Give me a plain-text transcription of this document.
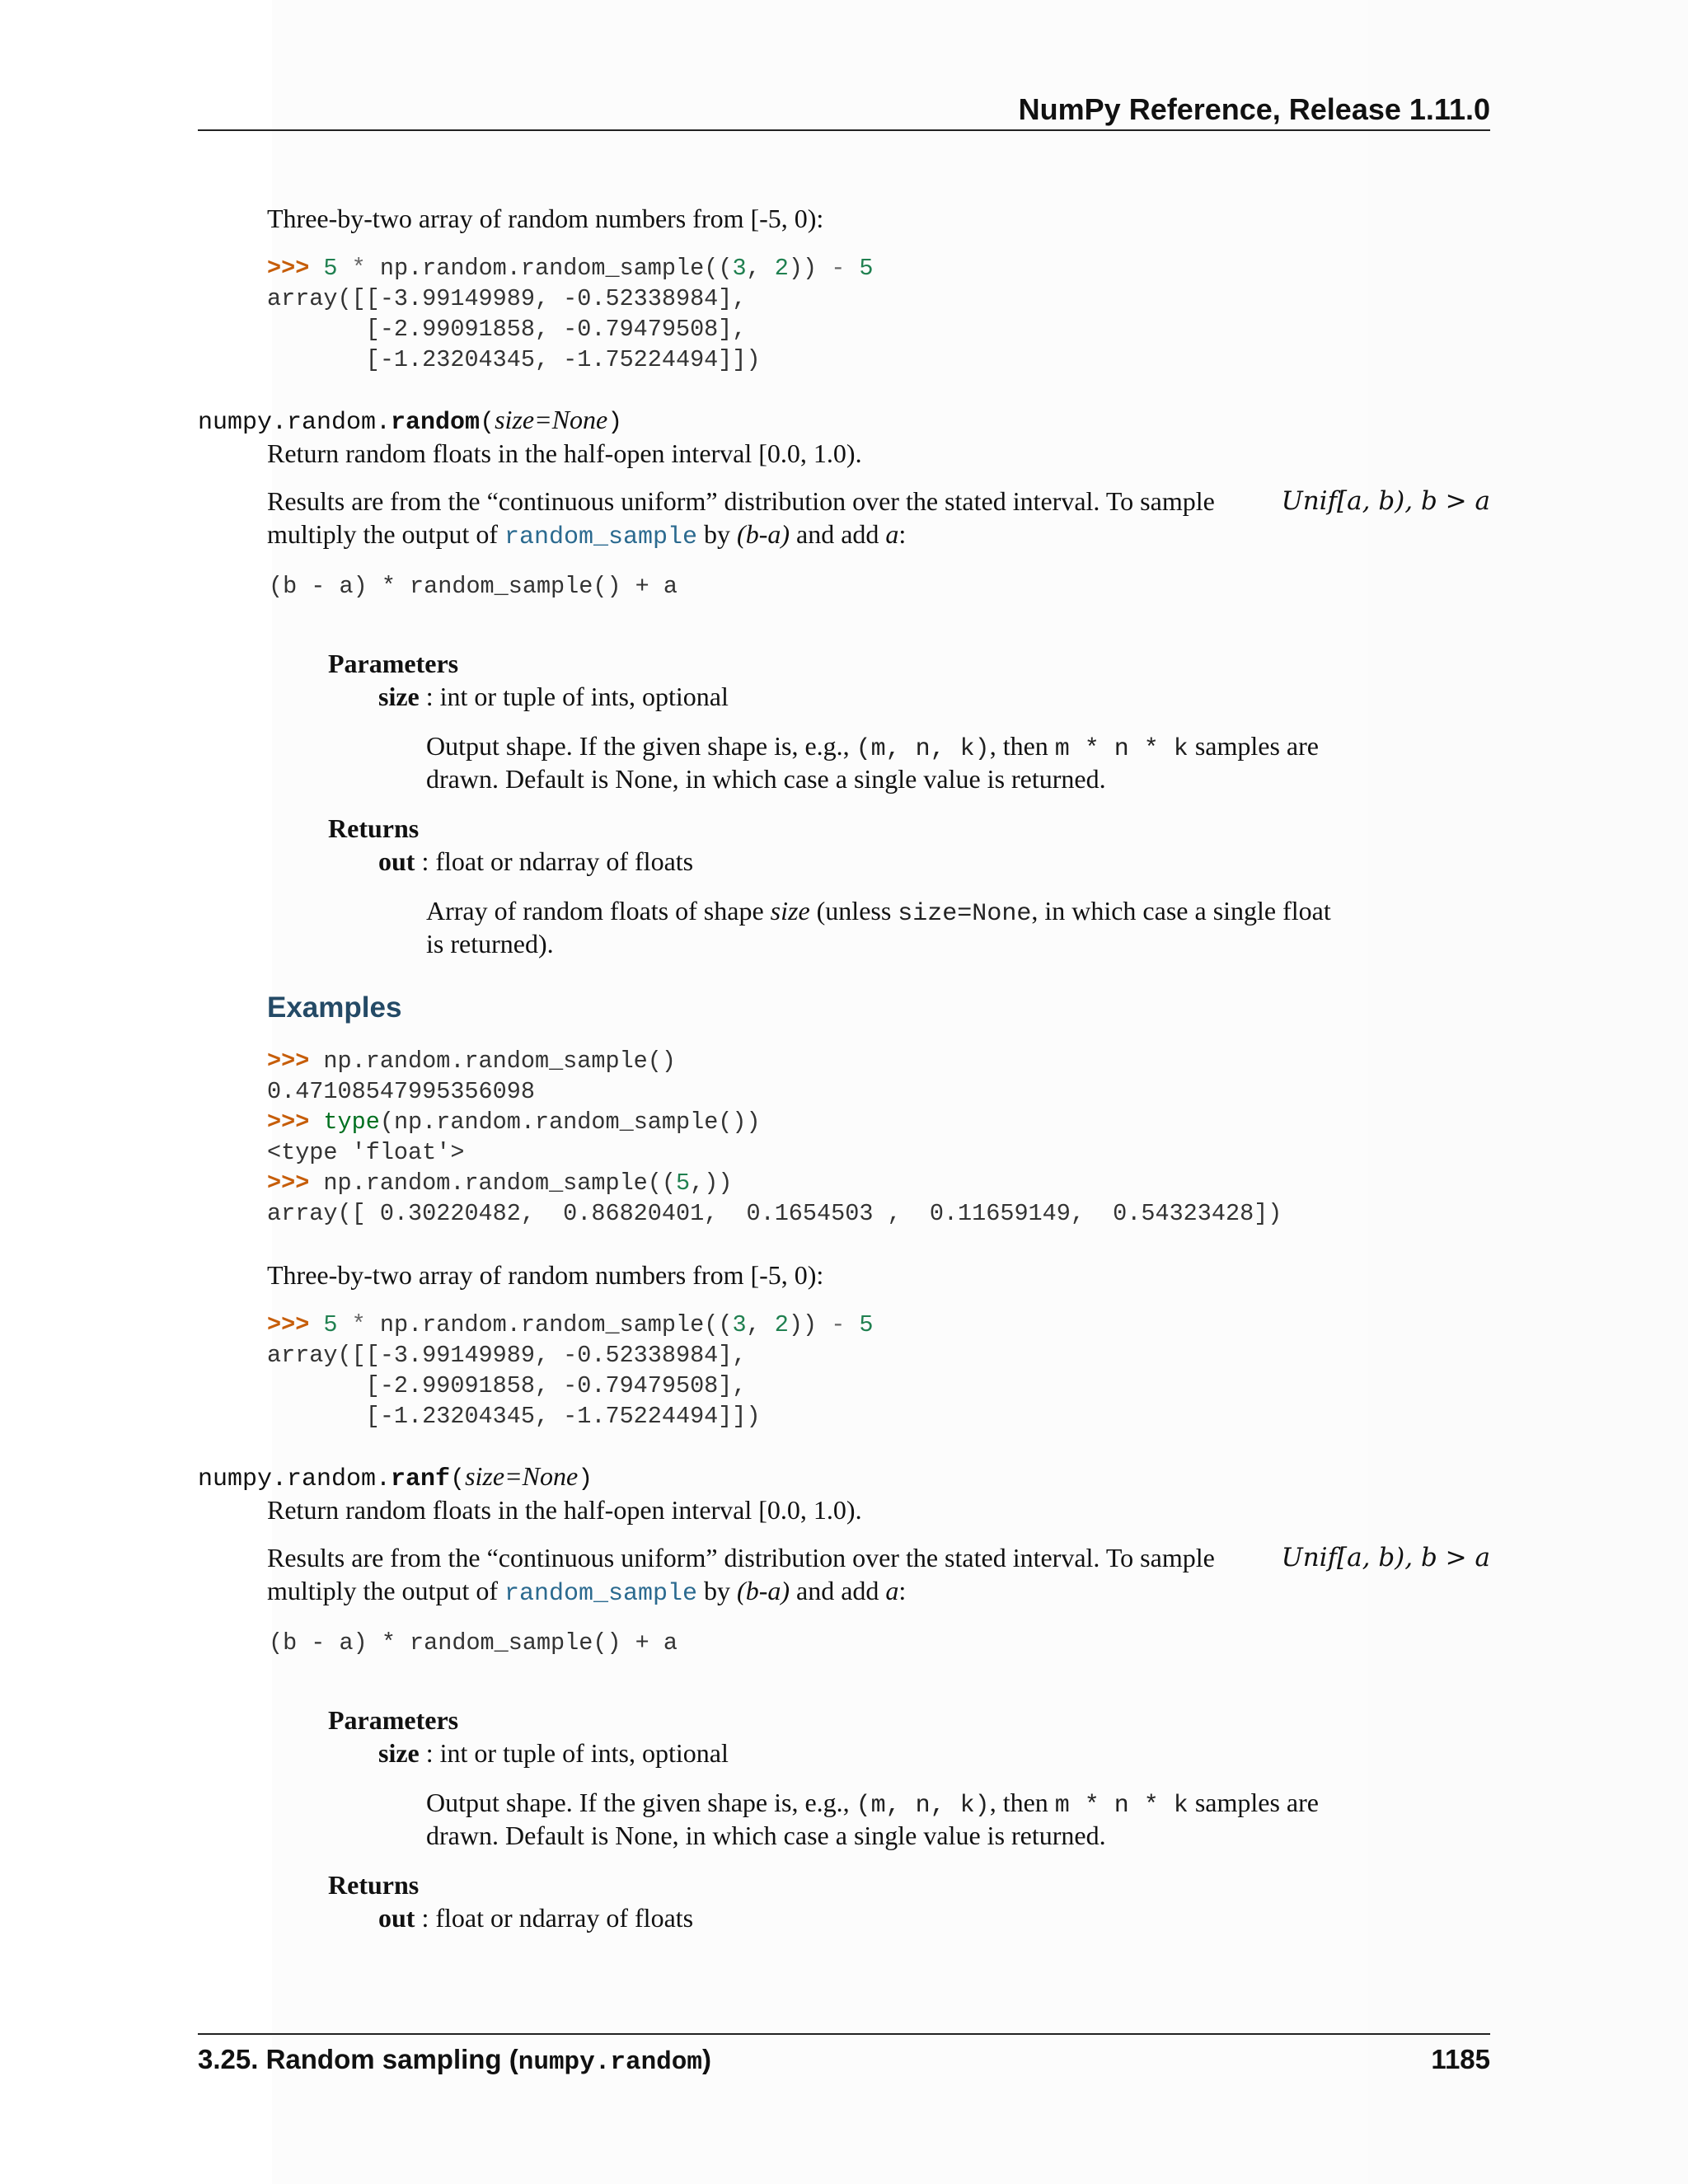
NumPy Reference, Release 1.11.0
Three-by-two array of random numbers from [-5, 0):
>>> 5 * np.random.random_sample((3, 2)) - 5
array([[-3.99149989, -0.52338984],
[-2.99091858, -0.79479508],
[-1.23204345, -1.75224494]])
numpy.random.random(size=None)
Return random floats in the half-open interval [0.0, 1.0).
Results are from the “continuous uniform” distribution over the stated interval. To sample	Unif[a, b), b > a
multiply the output of random_sample by (b-a) and add a:
(b - a) * random_sample() + a
Parameters
size : int or tuple of ints, optional
Output shape. If the given shape is, e.g., (m, n, k), then m * n * k samples are
drawn. Default is None, in which case a single value is returned.
Returns
out : float or ndarray of floats
Array of random floats of shape size (unless size=None, in which case a single float
is returned).
Examples
>>> np.random.random_sample()
0.47108547995356098
>>> type(np.random.random_sample())
<type 'float'>
>>> np.random.random_sample((5,))
array([ 0.30220482,  0.86820401,  0.1654503 ,  0.11659149,  0.54323428])
Three-by-two array of random numbers from [-5, 0):
>>> 5 * np.random.random_sample((3, 2)) - 5
array([[-3.99149989, -0.52338984],
[-2.99091858, -0.79479508],
[-1.23204345, -1.75224494]])
numpy.random.ranf(size=None)
Return random floats in the half-open interval [0.0, 1.0).
Results are from the “continuous uniform” distribution over the stated interval. To sample	Unif[a, b), b > a
multiply the output of random_sample by (b-a) and add a:
(b - a) * random_sample() + a
Parameters
size : int or tuple of ints, optional
Output shape. If the given shape is, e.g., (m, n, k), then m * n * k samples are
drawn. Default is None, in which case a single value is returned.
Returns
out : float or ndarray of floats
3.25. Random sampling (numpy.random)	1185
